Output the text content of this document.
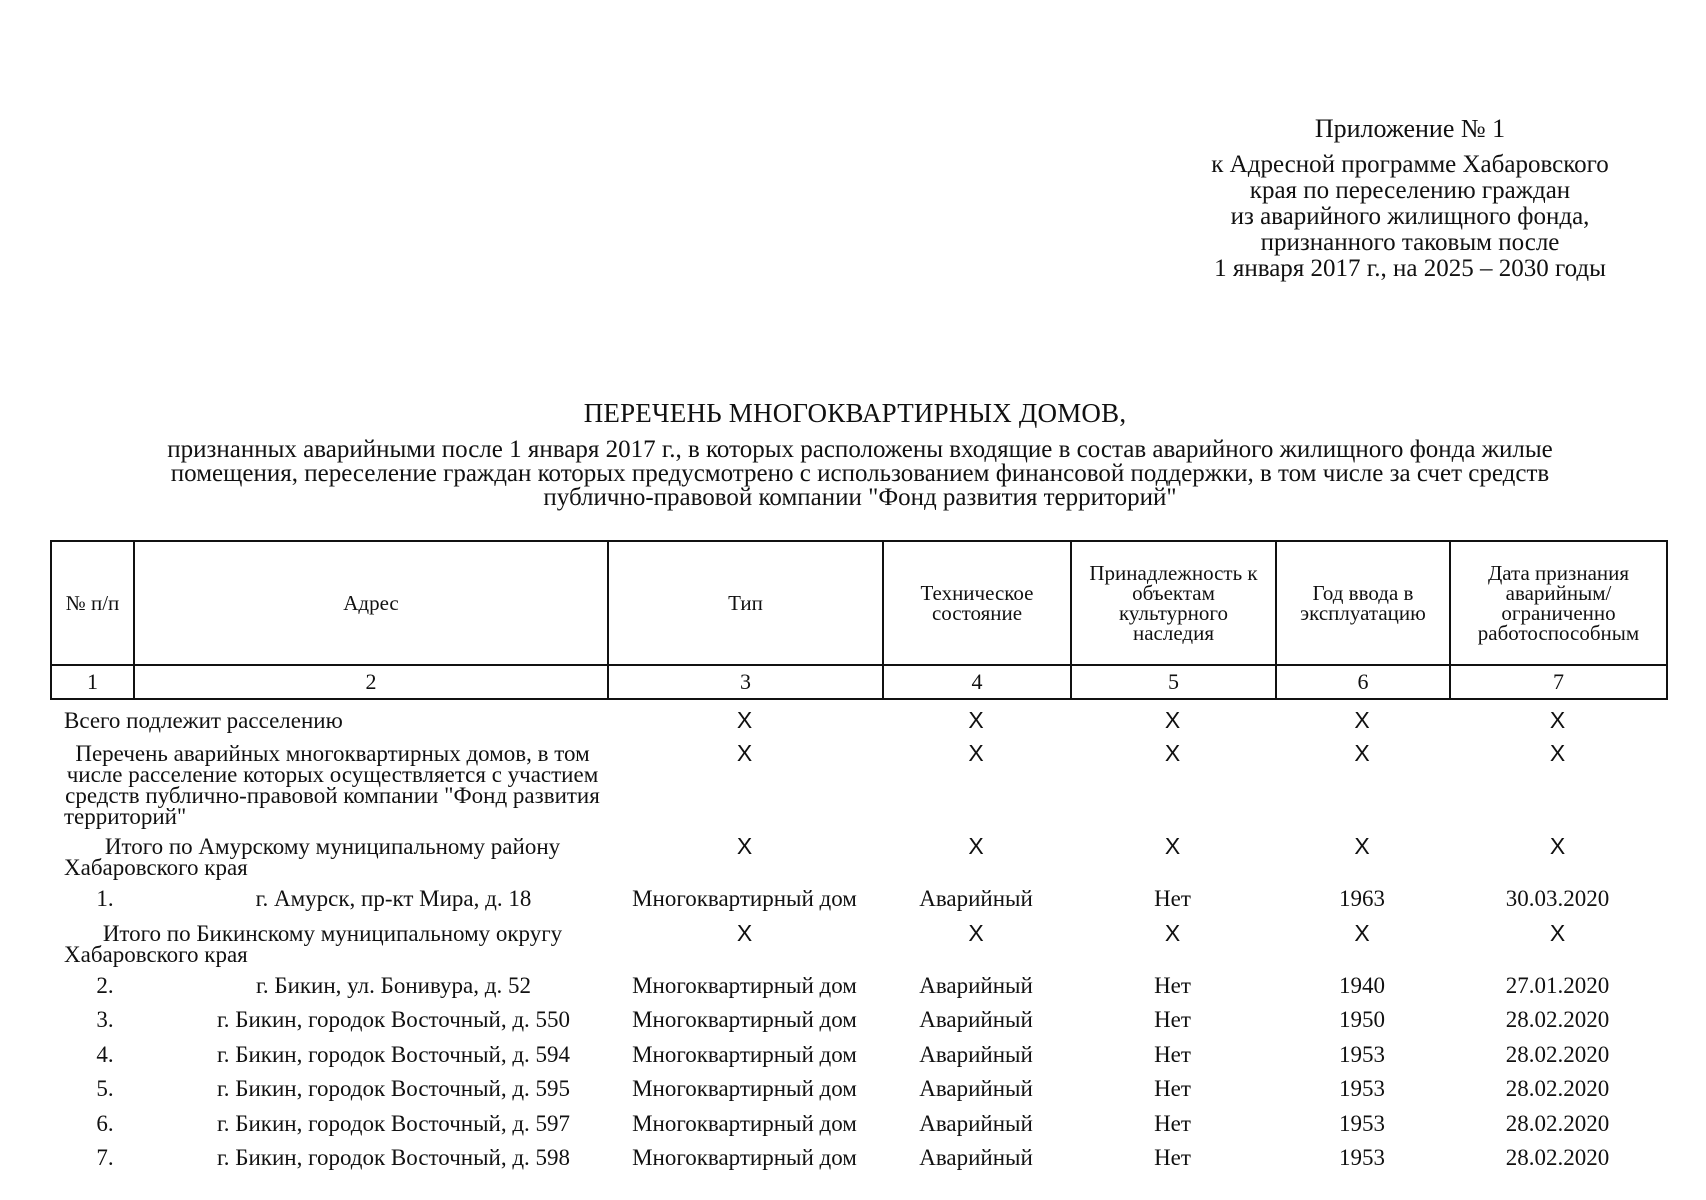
Приложение № 1
к Адресной программе Хабаровского
края по переселению граждан
из аварийного жилищного фонда,
признанного таковым после
1 января 2017 г., на 2025 – 2030 годы
ПЕРЕЧЕНЬ МНОГОКВАРТИРНЫХ ДОМОВ,
признанных аварийными после 1 января 2017 г., в которых расположены входящие в состав аварийного жилищного фонда жилые
помещения, переселение граждан которых предусмотрено с использованием финансовой поддержки, в том числе за счет средств
публично-правовой компании "Фонд развития территорий"
№ п/п	Адрес	Тип	Техническое состояние	Принадлежность к объектам культурного наследия	Год ввода в эксплуатацию	Дата признания аварийным/ ограниченно работоспособным
1	2	3	4	5	6	7
Всего подлежит расселению		X	X	X	X	X
Перечень аварийных многоквартирных домов, в том числе расселение которых осуществляется с участием средств публично-правовой компании "Фонд развития территорий"		X	X	X	X	X
Итого по Амурскому муниципальному району Хабаровского края		X	X	X	X	X
1.	г. Амурск, пр-кт Мира, д. 18	Многоквартирный дом	Аварийный	Нет	1963	30.03.2020
Итого по Бикинскому муниципальному округу Хабаровского края		X	X	X	X	X
2.	г. Бикин, ул. Бонивура, д. 52	Многоквартирный дом	Аварийный	Нет	1940	27.01.2020
3.	г. Бикин, городок Восточный, д. 550	Многоквартирный дом	Аварийный	Нет	1950	28.02.2020
4.	г. Бикин, городок Восточный, д. 594	Многоквартирный дом	Аварийный	Нет	1953	28.02.2020
5.	г. Бикин, городок Восточный, д. 595	Многоквартирный дом	Аварийный	Нет	1953	28.02.2020
6.	г. Бикин, городок Восточный, д. 597	Многоквартирный дом	Аварийный	Нет	1953	28.02.2020
7.	г. Бикин, городок Восточный, д. 598	Многоквартирный дом	Аварийный	Нет	1953	28.02.2020
